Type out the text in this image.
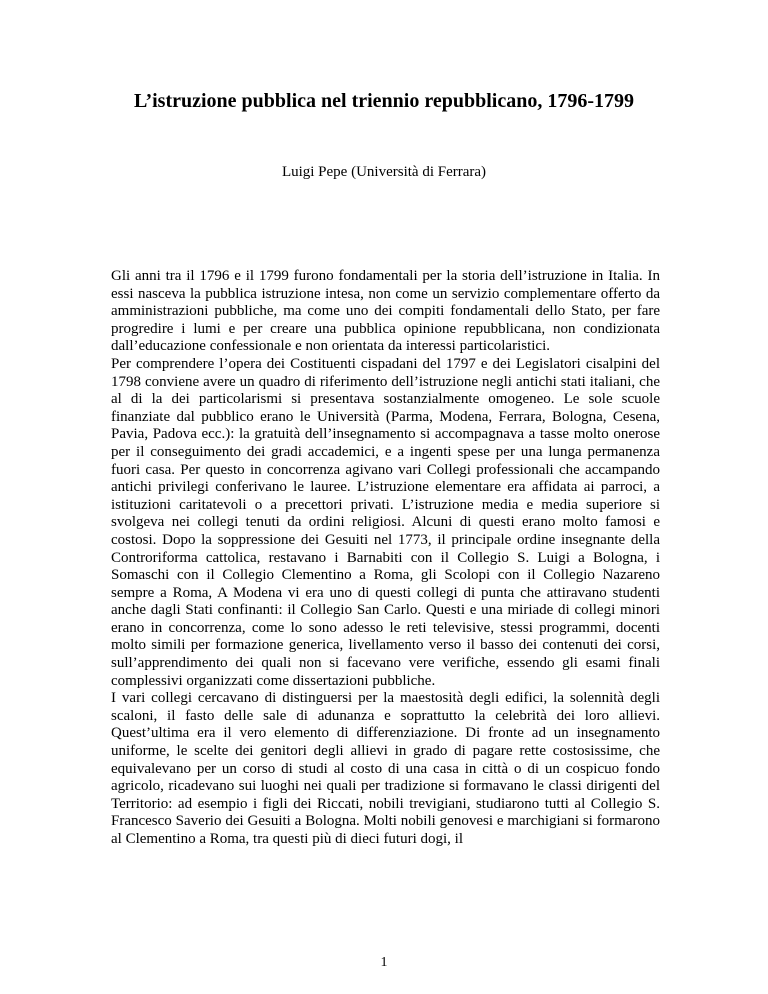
L’istruzione pubblica nel triennio repubblicano, 1796-1799
Luigi Pepe (Università di Ferrara)

Gli anni tra il 1796 e il 1799 furono fondamentali per la storia dell’istruzione in Italia. In essi nasceva la pubblica istruzione intesa, non come un servizio complementare offerto da amministrazioni pubbliche, ma come uno dei compiti fondamentali dello Stato, per fare progredire i lumi e per creare una pubblica opinione repubblicana, non condizionata dall’educazione confessionale e non orientata da interessi particolaristici.

Per comprendere l’opera dei Costituenti cispadani del 1797 e dei Legislatori cisalpini del 1798 conviene avere un quadro di riferimento dell’istruzione negli antichi stati italiani, che al di la dei particolarismi si presentava sostanzialmente omogeneo. Le sole scuole finanziate dal pubblico erano le Università (Parma, Modena, Ferrara, Bologna, Cesena, Pavia, Padova ecc.): la gratuità dell’insegnamento si accompagnava a tasse molto onerose per il conseguimento dei gradi accademici, e a ingenti spese per una lunga permanenza fuori casa. Per questo in concorrenza agivano vari Collegi professionali che accampando antichi privilegi conferivano le lauree. L’istruzione elementare era affidata ai parroci, a istituzioni caritatevoli o a precettori privati. L’istruzione media e media superiore si svolgeva nei collegi tenuti da ordini religiosi. Alcuni di questi erano molto famosi e costosi. Dopo la soppressione dei Gesuiti nel 1773, il principale ordine insegnante della Controriforma cattolica, restavano i Barnabiti con il Collegio S. Luigi a Bologna, i Somaschi con il Collegio Clementino a Roma, gli Scolopi con il Collegio Nazareno sempre a Roma, A Modena vi era uno di questi collegi di punta che attiravano studenti anche dagli Stati confinanti: il Collegio San Carlo. Questi e una miriade di collegi minori erano in concorrenza, come lo sono adesso le reti televisive, stessi programmi, docenti molto simili per formazione generica, livellamento verso il basso dei contenuti dei corsi, sull’apprendimento dei quali non si facevano vere verifiche, essendo gli esami finali complessivi organizzati come dissertazioni pubbliche.

I vari collegi cercavano di distinguersi per la maestosità degli edifici, la solennità degli scaloni, il fasto delle sale di adunanza e soprattutto la celebrità dei loro allievi. Quest’ultima era il vero elemento di differenziazione. Di fronte ad un insegnamento uniforme, le scelte dei genitori degli allievi in grado di pagare rette costosissime, che equivalevano per un corso di studi al costo di una casa in città o di un cospicuo fondo agricolo, ricadevano sui luoghi nei quali per tradizione si formavano le classi dirigenti del Territorio: ad esempio i figli dei Riccati, nobili trevigiani, studiarono tutti al Collegio S. Francesco Saverio dei Gesuiti a Bologna. Molti nobili genovesi e marchigiani si formarono al Clementino a Roma, tra questi più di dieci futuri dogi, il

1
